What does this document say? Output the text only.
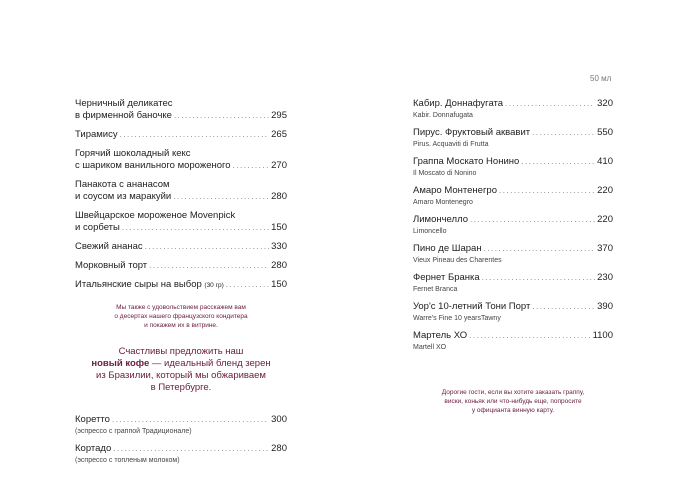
50 мл
Черничный деликатес
в фирменной баночке .....	295
Тирамису .....	265
Горячий шоколадный кекс
с шариком ванильного мороженого .....	270
Панакота с ананасом
и соусом из маракуйи .....	280
Швейцарское мороженое Movenpick
и сорбеты .....	150
Свежий ананас .....	330
Морковный торт .....	280
Итальянские сыры на выбор
(30 гр) .....	150
Мы также с удовольствием расскажем вам
о десертах нашего французского кондитера
и покажем их в витрине.
Счастливы предложить наш
новый кофе — идеальный бленд зерен
из Бразилии, который мы обжариваем
в Петербурге.
Коретто .....	300
(эспрессо с граппой Традиционале)
Кортадо .....	280
(эспрессо с топленым молоком)
Кабир. Доннафугата .....	320
Kabir. Donnafugata
Пирус. Фруктовый аквавит .....	550
Pirus. Acquaviti di Frutta
Граппа Москато Нонино .....	410
Il Moscato di Nonino
Амаро Монтенегро .....	220
Amaro Montenegro
Лимончелло .....	220
Limoncello
Пино де Шаран .....	370
Vieux Pineau des Charentes
Фернет Бранка .....	230
Fernet Branca
Уор'с 10-летний Тони Порт .....	390
Warre's Fine 10 yearsTawny
Мартель ХО .....	1100
Martell XO
Дорогие гости, если вы хотите заказать граппу,
виски, коньяк или что-нибудь еще, попросите
у официанта винную карту.
